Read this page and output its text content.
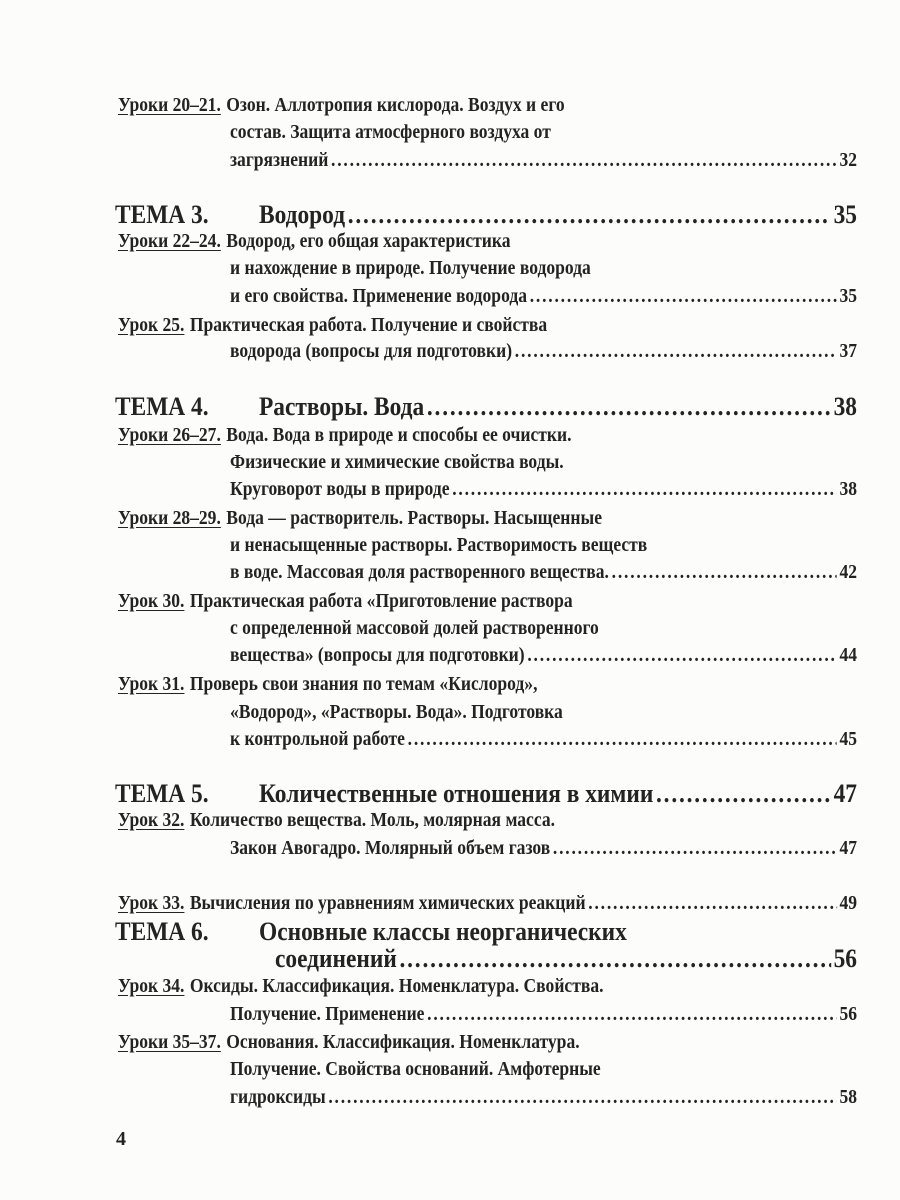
Уроки 20–21. Озон. Аллотропия кислорода. Воздух и его
состав. Защита атмосферного воздуха от
загрязнений .....	32
ТЕМА 3.	Водород .....	35
Уроки 22–24. Водород, его общая характеристика
и нахождение в природе. Получение водорода
и его свойства. Применение водорода .....	35
Урок 25. Практическая работа. Получение и свойства
водорода (вопросы для подготовки) .....	37
ТЕМА 4.	Растворы. Вода .....	38
Уроки 26–27. Вода. Вода в природе и способы ее очистки.
Физические и химические свойства воды.
Круговорот воды в природе .....	38
Уроки 28–29. Вода — растворитель. Растворы. Насыщенные
и ненасыщенные растворы. Растворимость веществ
в воде. Массовая доля растворенного вещества. .....	42
Урок 30. Практическая работа «Приготовление раствора
с определенной массовой долей растворенного
вещества» (вопросы для подготовки) .....	44
Урок 31. Проверь свои знания по темам «Кислород»,
«Водород», «Растворы. Вода». Подготовка
к контрольной работе .....	45
ТЕМА 5.	Количественные отношения в химии .....	47
Урок 32. Количество вещества. Моль, молярная масса.
Закон Авогадро. Молярный объем газов .....	47
Урок 33. Вычисления по уравнениям химических реакций .....	49
ТЕМА 6.	Основные классы неорганических
соединений .....	56
Урок 34. Оксиды. Классификация. Номенклатура. Свойства.
Получение. Применение .....	56
Уроки 35–37. Основания. Классификация. Номенклатура.
Получение. Свойства оснований. Амфотерные
гидроксиды .....	58
4
